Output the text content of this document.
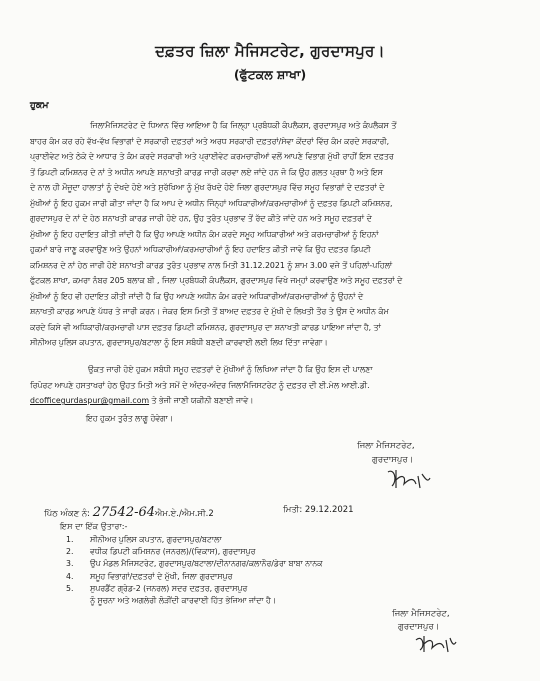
ਦਫ਼ਤਰ ਜ਼ਿਲਾ ਮੈਜਿਸਟਰੇਟ, ਗੁਰਦਾਸਪੁਰ।
(ਫੁੱਟਕਲ ਸ਼ਾਖਾ)
ਹੁਕਮ
ਜਿਲਾਮੈਜਿਸਟਰੇਟ ਦੇ ਧਿਆਨ ਵਿੱਚ ਆਇਆ ਹੈ ਕਿ ਜਿਲ੍ਹਾ ਪ੍ਰਬੰਧਕੀ ਕੰਪਲੈਕਸ, ਗੁਰਦਾਸਪੁਰ ਅਤੇ ਕੰਪਲੈਕਸ ਤੋਂ
ਬਾਹਰ ਕੰਮ ਕਰ ਰਹੇ ਵੱਖ-ਵੱਖ ਵਿਭਾਗਾਂ ਦੇ ਸਰਕਾਰੀ ਦਫ਼ਤਰਾਂ ਅਤੇ ਅਰਧ ਸਰਕਾਰੀ ਦਫ਼ਤਰਾਂ/ਸੇਵਾ ਕੇਂਦਰਾਂ ਵਿੱਚ ਕੰਮ ਕਰਦੇ ਸਰਕਾਰੀ,
ਪ੍ਰਾਈਵੇਟ ਅਤੇ ਠੇਕੇ ਦੇ ਆਧਾਰ ਤੇ ਕੰਮ ਕਰਦੇ ਸਰਕਾਰੀ ਅਤੇ ਪ੍ਰਾਈਵੇਟ ਕਰਮਚਾਰੀਆਂ ਵਲੋਂ ਆਪਣੇ ਵਿਭਾਗ ਮੁੱਖੀ ਰਾਹੀਂ ਇਸ ਦਫ਼ਤਰ
ਤੋਂ ਡਿਪਟੀ ਕਮਿਸ਼ਨਰ ਦੇ ਨਾਂ ਤੇ ਅਧੀਨ ਆਪਣੇ ਸ਼ਨਾਖਤੀ ਕਾਰਡ ਜਾਰੀ ਕਰਵਾ ਲਏ ਜਾਂਦੇ ਹਨ ਜੋ ਕਿ ਉਹ ਗਲਤ ਪ੍ਰਥਾ ਹੈ ਅਤੇ ਇਸ
ਦੇ ਨਾਲ ਹੀ ਮੌਜੂਦਾ ਹਾਲਾਤਾਂ ਨੂੰ ਦੇਖਦੇ ਹੋਏ ਅਤੇ ਸੁਰੱਖਿਆ ਨੂੰ ਮੁੱਖ ਰੱਖਦੇ ਹੋਏ ਜਿਲਾ ਗੁਰਦਾਸਪੁਰ ਵਿੱਚ ਸਮੂਹ ਵਿਭਾਗਾਂ ਦੇ ਦਫ਼ਤਰਾਂ ਦੇ
ਮੁੱਖੀਆਂ ਨੂੰ ਇਹ ਹੁਕਮ ਜਾਰੀ ਕੀਤਾ ਜਾਂਦਾ ਹੈ ਕਿ ਆਪ ਦੇ ਅਧੀਨ ਜਿੰਨ੍ਹਾਂ ਅਧਿਕਾਰੀਆਂ/ਕਰਮਚਾਰੀਆਂ ਨੂੰ ਦਫ਼ਤਰ ਡਿਪਟੀ ਕਮਿਸ਼ਨਰ,
ਗੁਰਦਾਸਪੁਰ ਦੇ ਨਾਂ ਦੇ ਹੇਠ ਸ਼ਨਾਖਤੀ ਕਾਰਡ ਜਾਰੀ ਹੋਏ ਹਨ, ਉਹ ਤੁਰੰਤ ਪ੍ਰਭਾਵ ਤੋਂ ਰੱਦ ਕੀਤੇ ਜਾਂਦੇ ਹਨ ਅਤੇ ਸਮੂਹ ਦਫ਼ਤਰਾਂ ਦੇ
ਮੁੱਖੀਆ ਨੂੰ ਇਹ ਹਦਾਇਤ ਕੀਤੀ ਜਾਂਦੀ ਹੈ ਕਿ ਉਹ ਆਪਣੇ ਅਧੀਨ ਕੰਮ ਕਰਦੇ ਸਮੂਹ ਅਧਿਕਾਰੀਆਂ ਅਤੇ ਕਰਮਚਾਰੀਆਂ ਨੂੰ ਇਹਨਾਂ
ਹੁਕਮਾਂ ਬਾਰੇ ਜਾਣੂ ਕਰਵਾਉਣ ਅਤੇ ਉਹਨਾਂ ਅਧਿਕਾਰੀਆਂ/ਕਰਮਚਾਰੀਆਂ ਨੂੰ ਇਹ ਹਦਾਇਤ ਕੀਤੀ ਜਾਵੇ ਕਿ ਉਹ ਦਫ਼ਤਰ ਡਿਪਟੀ
ਕਮਿਸ਼ਨਰ ਦੇ ਨਾਂ ਹੇਠ ਜਾਰੀ ਹੋਏ ਸ਼ਨਾਖਤੀ ਕਾਰਡ ਤੁਰੰਤ ਪ੍ਰਭਾਵ ਨਾਲ ਮਿਤੀ 31.12.2021 ਨੂੰ ਸ਼ਾਮ 3.00 ਵਜੇ ਤੋਂ ਪਹਿਲਾਂ-ਪਹਿਲਾਂ
ਫੁੱਟਕਲ ਸ਼ਾਖਾ, ਕਮਰਾ ਨੰਬਰ 205 ਬਲਾਕ ਬੀ , ਜਿਲਾ ਪ੍ਰਬੰਧਕੀ ਕੰਪਲੈਕਸ, ਗੁਰਦਾਸਪੁਰ ਵਿਖੇ ਜਮ੍ਹਾਂ ਕਰਵਾਉਣ ਅਤੇ ਸਮੂਹ ਦਫ਼ਤਰਾਂ ਦੇ
ਮੁੱਖੀਆਂ ਨੂੰ ਇਹ ਵੀ ਹਦਾਇਤ ਕੀਤੀ ਜਾਂਦੀ ਹੈ ਕਿ ਉਹ ਆਪਣੇ ਅਧੀਨ ਕੰਮ ਕਰਦੇ ਅਧਿਕਾਰੀਆਂ/ਕਰਮਚਾਰੀਆਂ ਨੂੰ ਉਹਨਾਂ ਦੇ
ਸ਼ਨਾਖਤੀ ਕਾਰਡ ਆਪਣੇ ਪੱਧਰ ਤੇ ਜਾਰੀ ਕਰਨ। ਜੇਕਰ ਇਸ ਮਿਤੀ ਤੋਂ ਬਾਅਦ ਦਫ਼ਤਰ ਦੇ ਮੁੱਖੀ ਦੇ ਲਿਖਤੀ ਤੌਰ ਤੇ ਉਸ ਦੇ ਅਧੀਨ ਕੰਮ
ਕਰਦੇ ਕਿਸੇ ਵੀ ਅਧਿਕਾਰੀ/ਕਰਮਚਾਰੀ ਪਾਸ ਦਫ਼ਤਰ ਡਿਪਟੀ ਕਮਿਸ਼ਨਰ, ਗੁਰਦਾਸਪੁਰ ਦਾ ਸ਼ਨਾਖਤੀ ਕਾਰਡ ਪਾਇਆ ਜਾਂਦਾ ਹੈ, ਤਾਂ
ਸੀਨੀਅਰ ਪੁਲਿਸ ਕਪਤਾਨ, ਗੁਰਦਾਸਪੁਰ/ਬਟਾਲਾ ਨੂੰ ਇਸ ਸਬੰਧੀ ਬਣਦੀ ਕਾਰਵਾਈ ਲਈ ਲਿਖ ਦਿੱਤਾ ਜਾਵੇਗਾ।
ਉਕਤ ਜਾਰੀ ਹੋਏ ਹੁਕਮ ਸਬੰਧੀ ਸਮੂਹ ਦਫ਼ਤਰਾਂ ਦੇ ਮੁੱਖੀਆਂ ਨੂੰ ਲਿਖਿਆ ਜਾਂਦਾ ਹੈ ਕਿ ਉਹ ਇਸ ਦੀ ਪਾਲਣਾ
ਰਿਪੋਰਟ ਆਪਣੇ ਹਸਤਾਖਰਾਂ ਹੇਠ ਉਹਤ ਮਿਤੀ ਅਤੇ ਸਮੇਂ ਦੇ ਅੰਦਰ-ਅੰਦਰ ਜਿਲਾਮੈਜਿਸਟਰੇਟ ਨੂੰ ਦਫ਼ਤਰ ਦੀ ਈ.ਮੇਲ ਆਈ.ਡੀ.
dcofficegurdaspur@gmail.com ਤੇ ਭੇਜੀ ਜਾਣੀ ਯਕੀਨੀ ਬਣਾਈ ਜਾਵੇ।
ਇਹ ਹੁਕਮ ਤੁਰੰਤ ਲਾਗੂ ਹੋਵੇਗਾ।
ਜਿਲਾ ਮੈਜਿਸਟਰੇਟ,
ਗੁਰਦਾਸਪੁਰ।
ਪਿੱਠ ਅੰਕਣ ਨੰ: 27542-64ਐਮ.ਏ./ਐਮ.ਸੀ.2	ਮਿਤੀ: 29.12.2021
ਇਸ ਦਾ ਇੱਕ ਉਤਾਰਾ:-
1. ਸੀਨੀਅਰ ਪੁਲਿਸ ਕਪਤਾਨ, ਗੁਰਦਾਸਪੁਰ/ਬਟਾਲਾ
2. ਵਧੀਕ ਡਿਪਟੀ ਕਮਿਸ਼ਨਰ (ਜਨਰਲ)/(ਵਿਕਾਸ), ਗੁਰਦਾਸਪੁਰ
3. ਉਪ ਮੰਡਲ ਮੈਜਿਸਟਰੇਟ, ਗੁਰਦਾਸਪੁਰ/ਬਟਾਲਾ/ਦੀਨਾਨਗਰ/ਕਲਾਨੌਰ/ਡੇਰਾ ਬਾਬਾ ਨਾਨਕ
4. ਸਮੂਹ ਵਿਭਾਗਾਂ/ਦਫ਼ਤਰਾਂ ਦੇ ਮੁੱਖੀ, ਜਿਲਾ ਗੁਰਦਾਸਪੁਰ
5. ਸੁਪਰਡੈਂਟ ਗ੍ਰੇਡ-2 (ਜਨਰਲ) ਸਦਰ ਦਫ਼ਤਰ, ਗੁਰਦਾਸਪੁਰ
ਨੂੰ ਸੂਚਨਾ ਅਤੇ ਅਗਲੇਰੀ ਲੋੜੀਂਦੀ ਕਾਰਵਾਈ ਹਿੱਤ ਭੇਜਿਆ ਜਾਂਦਾ ਹੈ।
ਜਿਲਾ ਮੈਜਿਸਟਰੇਟ,
ਗੁਰਦਾਸਪੁਰ।
